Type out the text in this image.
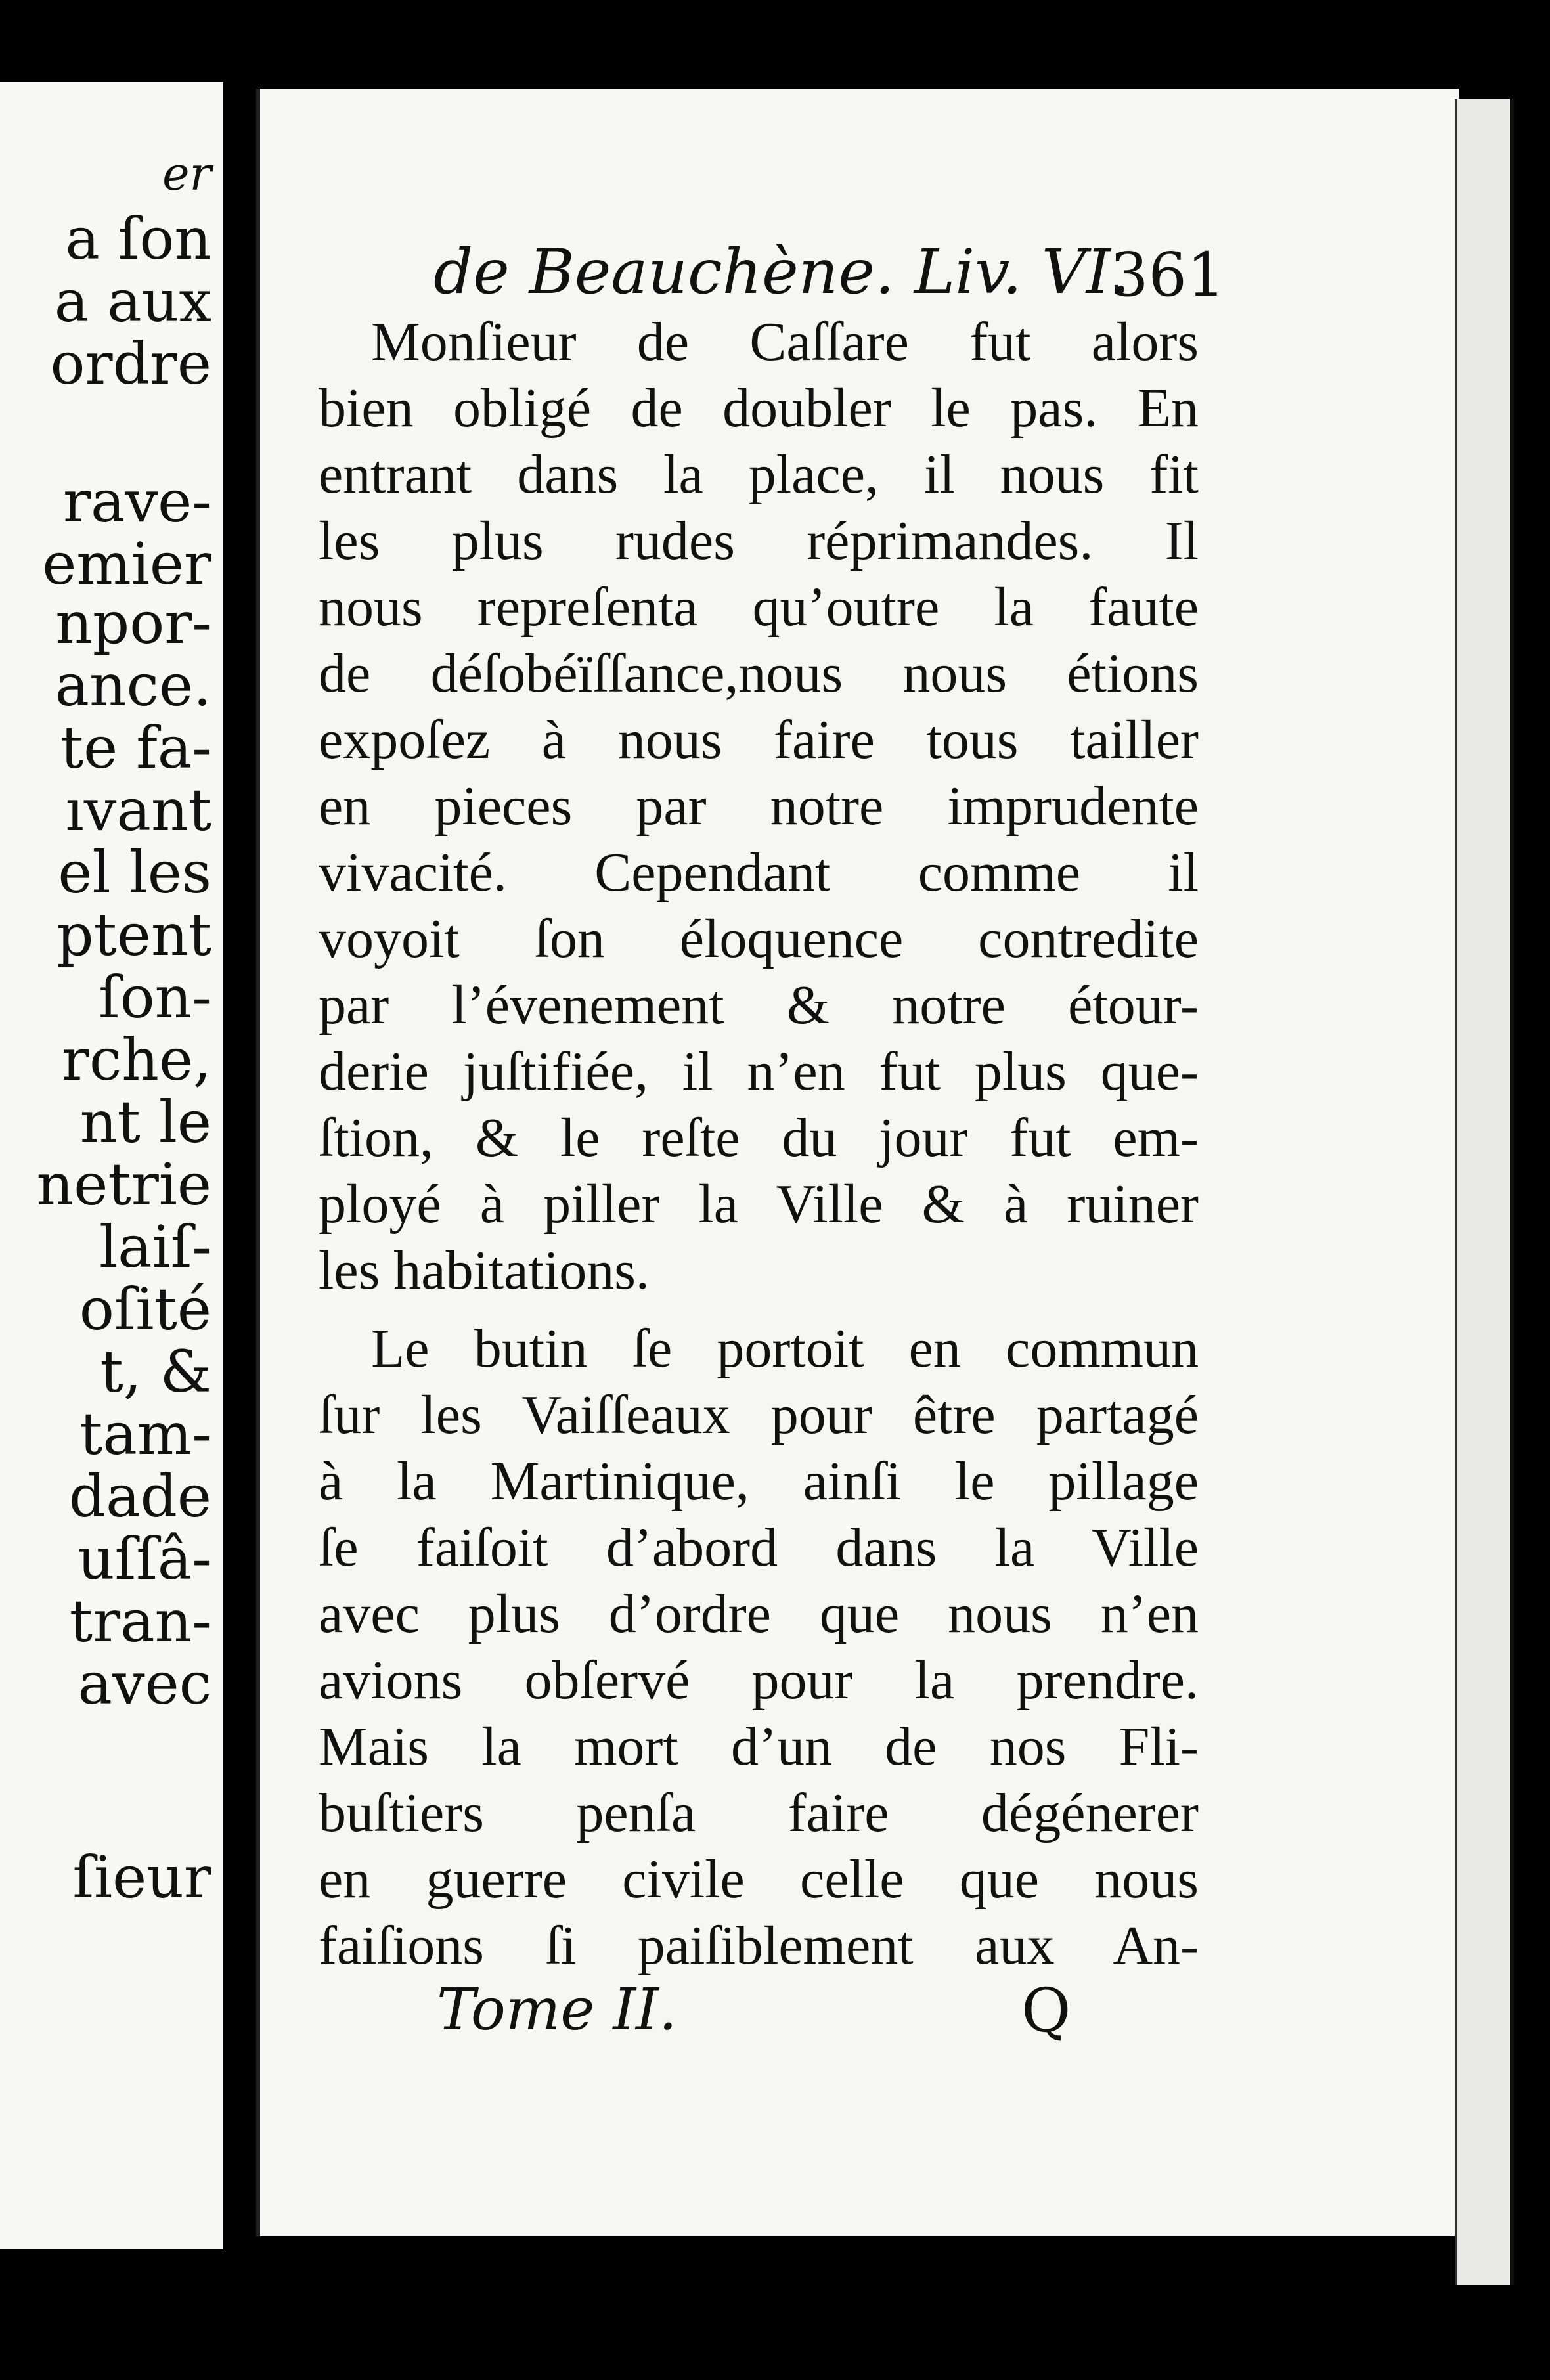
er
a ſon
a aux
ordre
rave-
emier
npor-
ance.
te fa-
ıvant
el les
ptent
ſon-
rche,
nt le
netrie
laiſ-
oſité
t, &
tam-
dade
uſſâ-
tran-
avec
ſieur
de Beauchène. Liv. VI.
361
Monſieur de Caſſare fut alors
bien obligé de doubler le pas. En
entrant dans la place, il nous fit
les plus rudes réprimandes. Il
nous repreſenta qu’outre la faute
de déſobéïſſance,nous nous étions
expoſez à nous faire tous tailler
en pieces par notre imprudente
vivacité. Cependant comme il
voyoit ſon éloquence contredite
par l’évenement & notre étour-
derie juſtifiée, il n’en fut plus que-
ſtion, & le reſte du jour fut em-
ployé à piller la Ville & à ruiner
les habitations.
Le butin ſe portoit en commun
ſur les Vaiſſeaux pour être partagé
à la Martinique, ainſi le pillage
ſe faiſoit d’abord dans la Ville
avec plus d’ordre que nous n’en
avions obſervé pour la prendre.
Mais la mort d’un de nos Fli-
buſtiers penſa faire dégénerer
en guerre civile celle que nous
faiſions ſi paiſiblement aux An-
Tome II.	Q
